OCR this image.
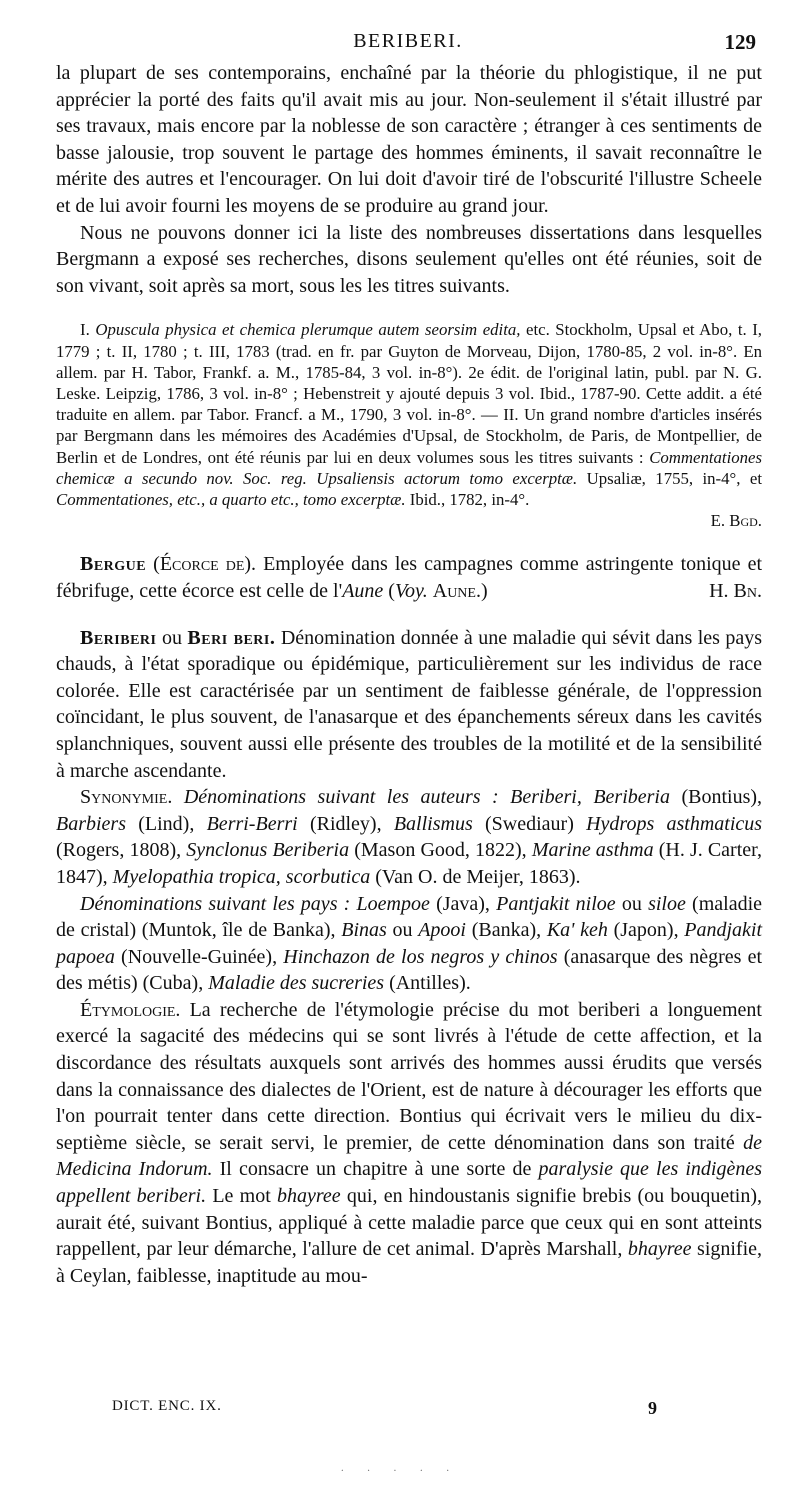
BERIBERI.	129

la plupart de ses contemporains, enchaîné par la théorie du phlogistique, il ne put apprécier la porté des faits qu'il avait mis au jour. Non-seulement il s'était illustré par ses travaux, mais encore par la noblesse de son caractère ; étranger à ces sentiments de basse jalousie, trop souvent le partage des hommes éminents, il savait reconnaître le mérite des autres et l'encourager. On lui doit d'avoir tiré de l'obscurité l'illustre Scheele et de lui avoir fourni les moyens de se produire au grand jour.

Nous ne pouvons donner ici la liste des nombreuses dissertations dans lesquelles Bergmann a exposé ses recherches, disons seulement qu'elles ont été réunies, soit de son vivant, soit après sa mort, sous les les titres suivants.

I. Opuscula physica et chemica plerumque autem seorsim edita, etc. Stockholm, Upsal et Abo, t. I, 1779 ; t. II, 1780 ; t. III, 1783 (trad. en fr. par Guyton de Morveau, Dijon, 1780-85, 2 vol. in-8°. En allem. par H. Tabor, Frankf. a. M., 1785-84, 3 vol. in-8°). 2e édit. de l'original latin, publ. par N. G. Leske. Leipzig, 1786, 3 vol. in-8° ; Hebenstreit y ajouté depuis 3 vol. Ibid., 1787-90. Cette addit. a été traduite en allem. par Tabor. Francf. a M., 1790, 3 vol. in-8°. — II. Un grand nombre d'articles insérés par Bergmann dans les mémoires des Académies d'Upsal, de Stockholm, de Paris, de Montpellier, de Berlin et de Londres, ont été réunis par lui en deux volumes sous les titres suivants : Commentationes chemicæ a secundo nov. Soc. reg. Upsaliensis actorum tomo excerptæ. Upsaliæ, 1755, in-4°, et Commentationes, etc., a quarto etc., tomo excerptæ. Ibid., 1782, in-4°.

E. Bgd.

Bergue (Écorce de). Employée dans les campagnes comme astringente tonique et fébrifuge, cette écorce est celle de l'Aune (Voy. Aune.)	H. Bn.

Beriberi ou Beri beri. Dénomination donnée à une maladie qui sévit dans les pays chauds, à l'état sporadique ou épidémique, particulièrement sur les individus de race colorée. Elle est caractérisée par un sentiment de faiblesse générale, de l'oppression coïncidant, le plus souvent, de l'anasarque et des épanchements séreux dans les cavités splanchniques, souvent aussi elle présente des troubles de la motilité et de la sensibilité à marche ascendante.

Synonymie. Dénominations suivant les auteurs : Beriberi, Beriberia (Bontius), Barbiers (Lind), Berri-Berri (Ridley), Ballismus (Swediaur) Hydrops asthmaticus (Rogers, 1808), Synclonus Beriberia (Mason Good, 1822), Marine asthma (H. J. Carter, 1847), Myelopathia tropica, scorbutica (Van O. de Meijer, 1863).

Dénominations suivant les pays : Loempoe (Java), Pantjakit niloe ou siloe (maladie de cristal) (Muntok, île de Banka), Binas ou Apooi (Banka), Ka' keh (Japon), Pandjakit papoea (Nouvelle-Guinée), Hinchazon de los negros y chinos (anasarque des nègres et des métis) (Cuba), Maladie des sucreries (Antilles).

Étymologie. La recherche de l'étymologie précise du mot beriberi a longuement exercé la sagacité des médecins qui se sont livrés à l'étude de cette affection, et la discordance des résultats auxquels sont arrivés des hommes aussi érudits que versés dans la connaissance des dialectes de l'Orient, est de nature à décourager les efforts que l'on pourrait tenter dans cette direction. Bontius qui écrivait vers le milieu du dix-septième siècle, se serait servi, le premier, de cette dénomination dans son traité de Medicina Indorum. Il consacre un chapitre à une sorte de paralysie que les indigènes appellent beriberi. Le mot bhayree qui, en hindoustanis signifie brebis (ou bouquetin), aurait été, suivant Bontius, appliqué à cette maladie parce que ceux qui en sont atteints rappellent, par leur démarche, l'allure de cet animal. D'après Marshall, bhayree signifie, à Ceylan, faiblesse, inaptitude au mou-

DICT. ENC. IX.	9
· · · · ·
